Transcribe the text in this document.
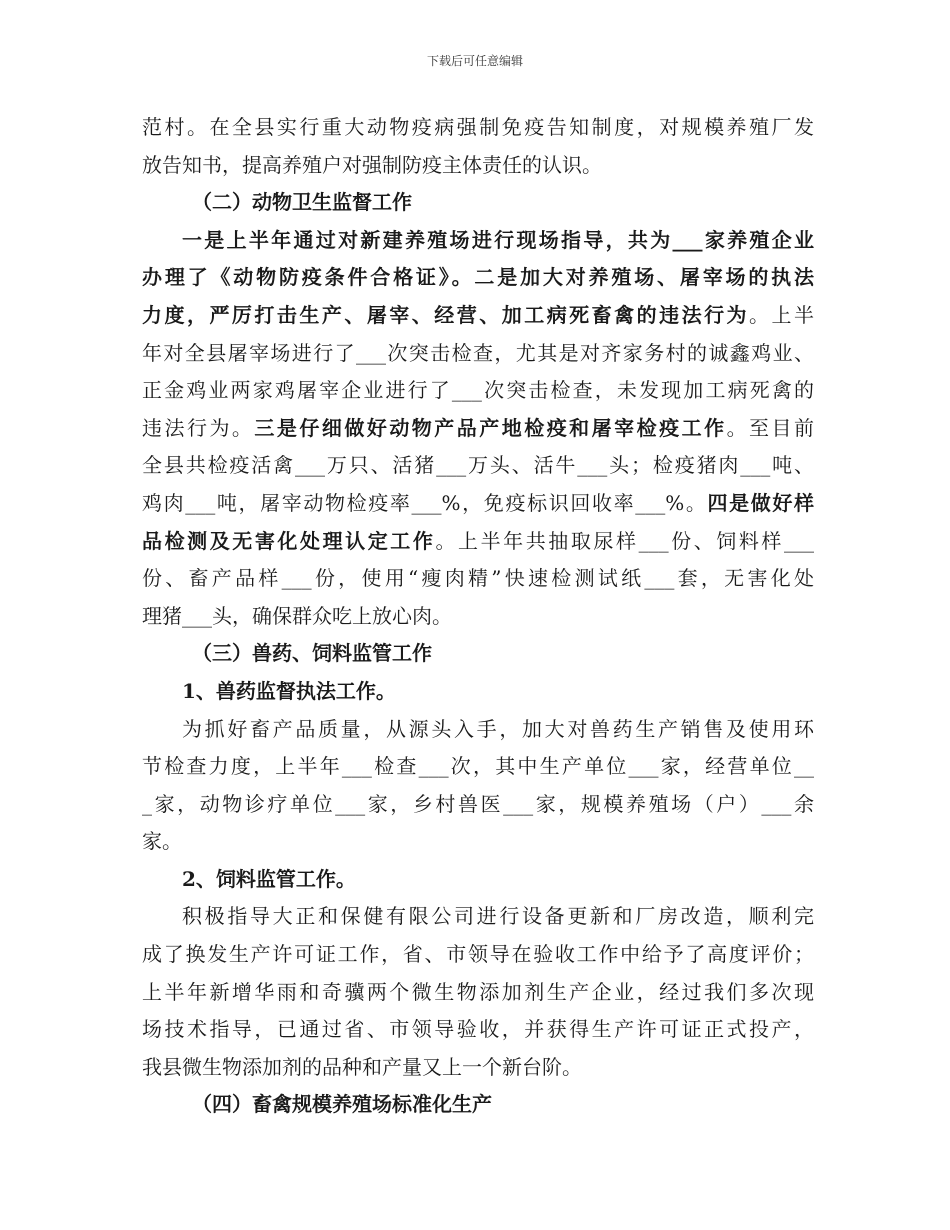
下载后可任意编辑
范村。在全县实行重大动物疫病强制免疫告知制度，对规模养殖厂发
放告知书，提高养殖户对强制防疫主体责任的认识。
（二）动物卫生监督工作
一是上半年通过对新建养殖场进行现场指导，共为___家养殖企业
办理了《动物防疫条件合格证》。二是加大对养殖场、屠宰场的执法
力度，严厉打击生产、屠宰、经营、加工病死畜禽的违法行为。上半
年对全县屠宰场进行了___次突击检查，尤其是对齐家务村的诚鑫鸡业、
正金鸡业两家鸡屠宰企业进行了___次突击检查，未发现加工病死禽的
违法行为。三是仔细做好动物产品产地检疫和屠宰检疫工作。至目前
全县共检疫活禽___万只、活猪___万头、活牛___头；检疫猪肉___吨、
鸡肉___吨，屠宰动物检疫率___%，免疫标识回收率___%。四是做好样
品检测及无害化处理认定工作。上半年共抽取尿样___份、饲料样___
份、畜产品样___份，使用“瘦肉精”快速检测试纸___套，无害化处
理猪___头，确保群众吃上放心肉。
（三）兽药、饲料监管工作
1、兽药监督执法工作。
为抓好畜产品质量，从源头入手，加大对兽药生产销售及使用环
节检查力度，上半年___检查___次，其中生产单位___家，经营单位__
_家，动物诊疗单位___家，乡村兽医___家，规模养殖场（户）___余
家。
2、饲料监管工作。
积极指导大正和保健有限公司进行设备更新和厂房改造，顺利完
成了换发生产许可证工作，省、市领导在验收工作中给予了高度评价；
上半年新增华雨和奇骥两个微生物添加剂生产企业，经过我们多次现
场技术指导，已通过省、市领导验收，并获得生产许可证正式投产，
我县微生物添加剂的品种和产量又上一个新台阶。
（四）畜禽规模养殖场标准化生产
